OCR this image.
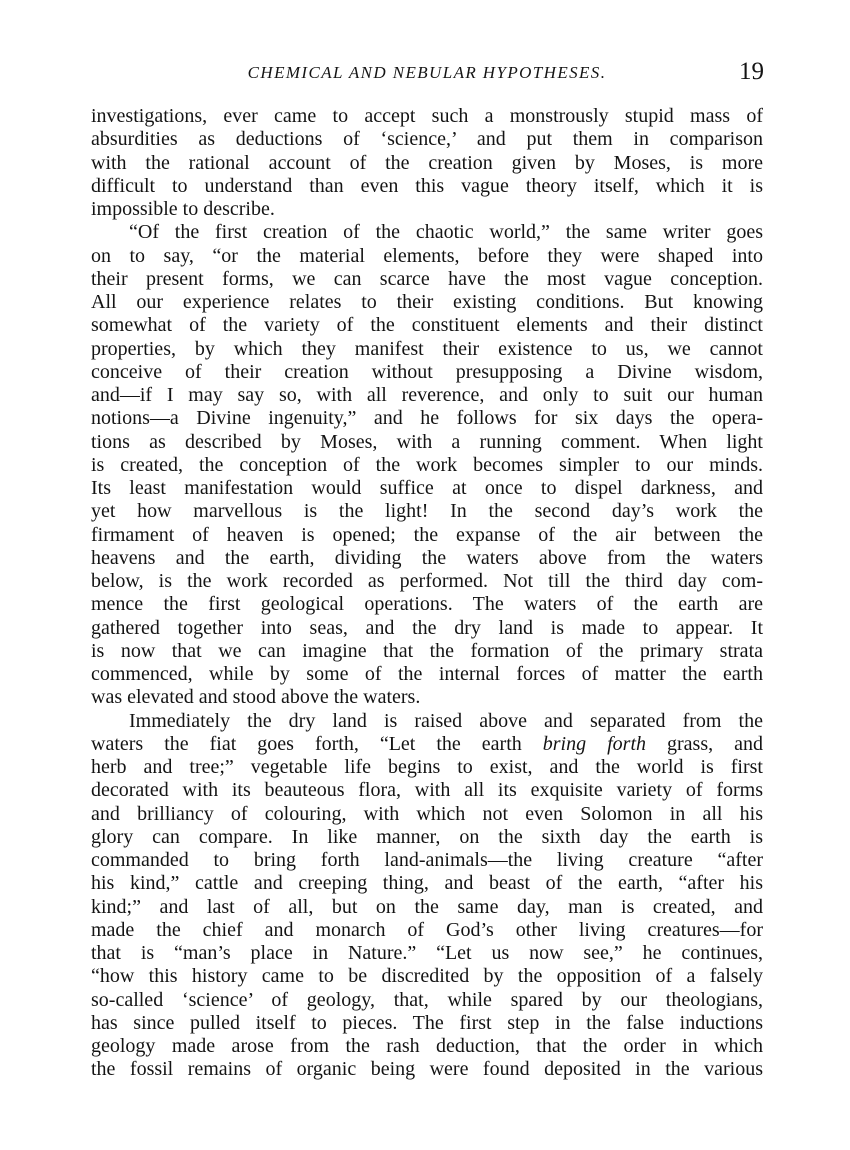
CHEMICAL AND NEBULAR HYPOTHESES.	19
investigations, ever came to accept such a monstrously stupid mass of
absurdities as deductions of ‘science,’ and put them in comparison
with the rational account of the creation given by Moses, is more
difficult to understand than even this vague theory itself, which it is
impossible to describe.
“Of the first creation of the chaotic world,” the same writer goes
on to say, “or the material elements, before they were shaped into
their present forms, we can scarce have the most vague conception.
All our experience relates to their existing conditions. But knowing
somewhat of the variety of the constituent elements and their distinct
properties, by which they manifest their existence to us, we cannot
conceive of their creation without presupposing a Divine wisdom,
and—if I may say so, with all reverence, and only to suit our human
notions—a Divine ingenuity,” and he follows for six days the opera-
tions as described by Moses, with a running comment. When light
is created, the conception of the work becomes simpler to our minds.
Its least manifestation would suffice at once to dispel darkness, and
yet how marvellous is the light! In the second day’s work the
firmament of heaven is opened; the expanse of the air between the
heavens and the earth, dividing the waters above from the waters
below, is the work recorded as performed. Not till the third day com-
mence the first geological operations. The waters of the earth are
gathered together into seas, and the dry land is made to appear. It
is now that we can imagine that the formation of the primary strata
commenced, while by some of the internal forces of matter the earth
was elevated and stood above the waters.
Immediately the dry land is raised above and separated from the
waters the fiat goes forth, “Let the earth bring forth grass, and
herb and tree;” vegetable life begins to exist, and the world is first
decorated with its beauteous flora, with all its exquisite variety of forms
and brilliancy of colouring, with which not even Solomon in all his
glory can compare. In like manner, on the sixth day the earth is
commanded to bring forth land-animals—the living creature “after
his kind,” cattle and creeping thing, and beast of the earth, “after his
kind;” and last of all, but on the same day, man is created, and
made the chief and monarch of God’s other living creatures—for
that is “man’s place in Nature.” “Let us now see,” he continues,
“how this history came to be discredited by the opposition of a falsely
so-called ‘science’ of geology, that, while spared by our theologians,
has since pulled itself to pieces. The first step in the false inductions
geology made arose from the rash deduction, that the order in which
the fossil remains of organic being were found deposited in the various
